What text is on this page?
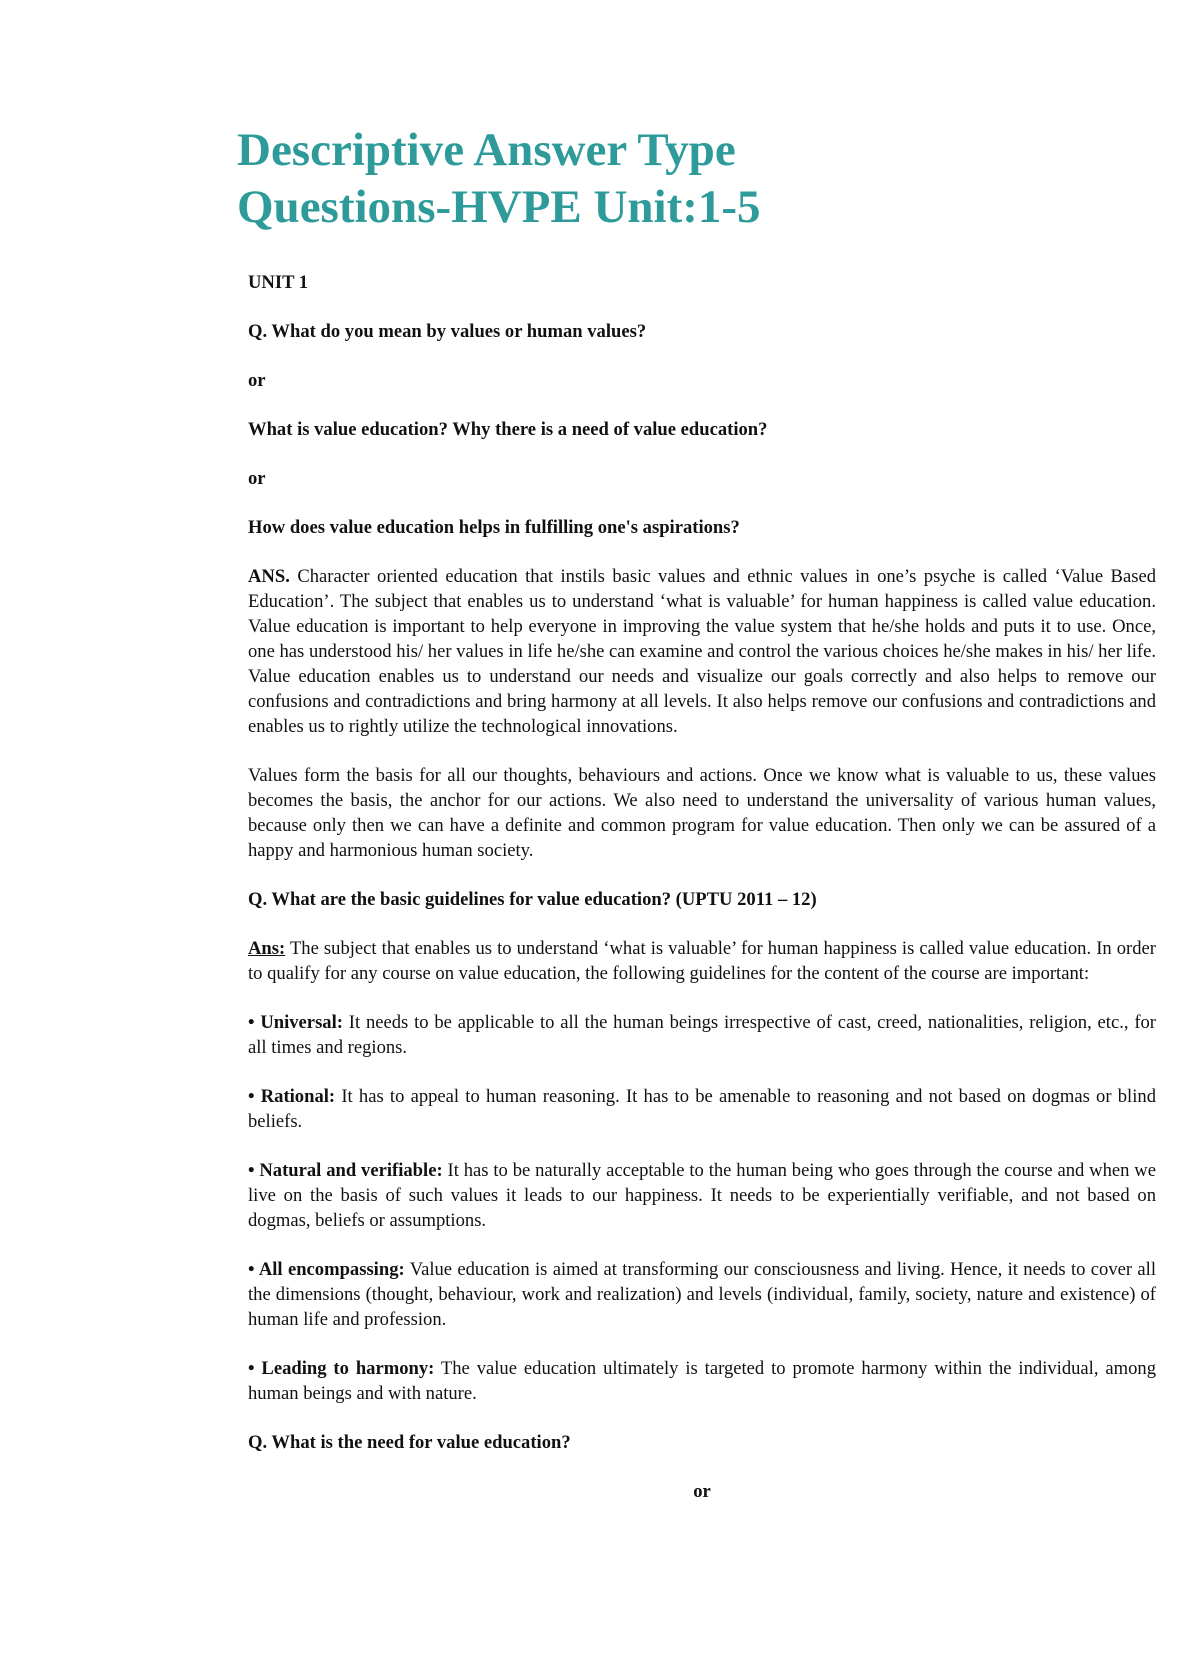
Descriptive Answer Type
Questions-HVPE Unit:1-5

UNIT 1

Q. What do you mean by values or human values?

or

What is value education? Why there is a need of value education?

or

How does value education helps in fulfilling one's aspirations?

ANS. Character oriented education that instils basic values and ethnic values in one’s psyche is called ‘Value Based Education’. The subject that enables us to understand ‘what is valuable’ for human happiness is called value education. Value education is important to help everyone in improving the value system that he/she holds and puts it to use. Once, one has understood his/ her values in life he/she can examine and control the various choices he/she makes in his/ her life. Value education enables us to understand our needs and visualize our goals correctly and also helps to remove our confusions and contradictions and bring harmony at all levels. It also helps remove our confusions and contradictions and enables us to rightly utilize the technological innovations.

Values form the basis for all our thoughts, behaviours and actions. Once we know what is valuable to us, these values becomes the basis, the anchor for our actions. We also need to understand the universality of various human values, because only then we can have a definite and common program for value education. Then only we can be assured of a happy and harmonious human society.

Q. What are the basic guidelines for value education? (UPTU 2011 – 12)

Ans: The subject that enables us to understand ‘what is valuable’ for human happiness is called value education. In order to qualify for any course on value education, the following guidelines for the content of the course are important:

• Universal: It needs to be applicable to all the human beings irrespective of cast, creed, nationalities, religion, etc., for all times and regions.

• Rational: It has to appeal to human reasoning. It has to be amenable to reasoning and not based on dogmas or blind beliefs.

• Natural and verifiable: It has to be naturally acceptable to the human being who goes through the course and when we live on the basis of such values it leads to our happiness. It needs to be experientially verifiable, and not based on dogmas, beliefs or assumptions.

• All encompassing: Value education is aimed at transforming our consciousness and living. Hence, it needs to cover all the dimensions (thought, behaviour, work and realization) and levels (individual, family, society, nature and existence) of human life and profession.

• Leading to harmony: The value education ultimately is targeted to promote harmony within the individual, among human beings and with nature.

Q. What is the need for value education?

or
